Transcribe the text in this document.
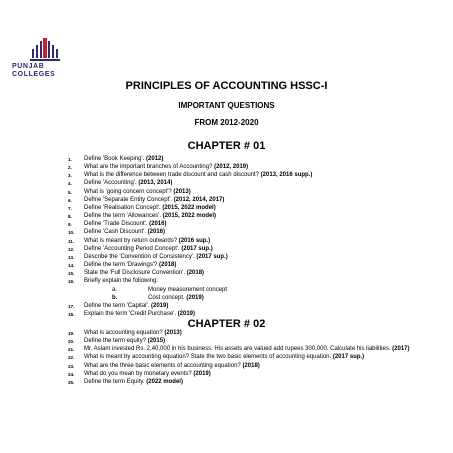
PUNJAB
COLLEGES
PRINCIPLES OF ACCOUNTING HSSC-I
IMPORTANT QUESTIONS
FROM 2012-2020
CHAPTER # 01
1. Define 'Book Keeping'. (2012)
2. What are the important branches of Accounting? (2012, 2019)
3. What is the difference between trade discount and cash discount? (2013, 2016 supp.)
4. Define 'Accounting'. (2013, 2014)
5. What is 'going concern concept'? (2013)
6. Define 'Separate Entity Concept'. (2012, 2014, 2017)
7. Define 'Realisation Concept'. (2015, 2022 model)
8. Define the term 'Allowances'. (2015, 2022 model)
9. Define 'Trade Discount'. (2016)
10. Define 'Cash Discount'. (2016)
11. What is meant by return outwards? (2016 sup.)
12. Define 'Accounting Period Concept'. (2017 sup.)
13. Describe the 'Convention of Consistency'. (2017 sup.)
14. Define the term 'Drawings'? (2018)
15. State the 'Full Disclosure Convention'. (2018)
16. Briefly explain the following:
a.	Money measurement concept
b.	Cost concept. (2019)
17. Define the term 'Capital'. (2019)
18. Explain the term 'Credit Purchase'. (2019)
CHAPTER # 02
19. What is accounting equation? (2013)
20. Define the term equity? (2015)
21. Mr. Aslam invested Rs. 2,40,000 in his business. His assets are valued add rupees 300,000. Calculate his liabilities. (2017)
22. What is meant by accounting equation? State the two basic elements of accounting equation. (2017 sup.)
23. What are the three basic elements of accounting equation? (2018)
24. What do you mean by monetary events? (2019)
25. Define the term Equity. (2022 model)
